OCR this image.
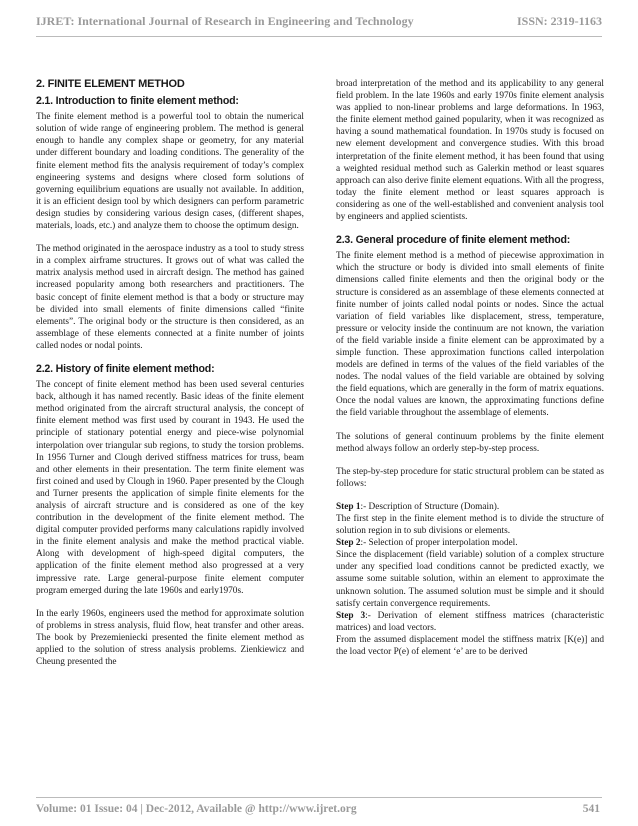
IJRET: International Journal of Research in Engineering and Technology	ISSN: 2319-1163
2. FINITE ELEMENT METHOD
2.1. Introduction to finite element method:

The finite element method is a powerful tool to obtain the numerical solution of wide range of engineering problem. The method is general enough to handle any complex shape or geometry, for any material under different boundary and loading conditions. The generality of the finite element method fits the analysis requirement of today’s complex engineering systems and designs where closed form solutions of governing equilibrium equations are usually not available. In addition, it is an efficient design tool by which designers can perform parametric design studies by considering various design cases, (different shapes, materials, loads, etc.) and analyze them to choose the optimum design.

The method originated in the aerospace industry as a tool to study stress in a complex airframe structures. It grows out of what was called the matrix analysis method used in aircraft design. The method has gained increased popularity among both researchers and practitioners. The basic concept of finite element method is that a body or structure may be divided into small elements of finite dimensions called “finite elements”. The original body or the structure is then considered, as an assemblage of these elements connected at a finite number of joints called nodes or nodal points.

2.2. History of finite element method:

The concept of finite element method has been used several centuries back, although it has named recently. Basic ideas of the finite element method originated from the aircraft structural analysis, the concept of finite element method was first used by courant in 1943. He used the principle of stationary potential energy and piece-wise polynomial interpolation over triangular sub regions, to study the torsion problems. In 1956 Turner and Clough derived stiffness matrices for truss, beam and other elements in their presentation. The term finite element was first coined and used by Clough in 1960. Paper presented by the Clough and Turner presents the application of simple finite elements for the analysis of aircraft structure and is considered as one of the key contribution in the development of the finite element method. The digital computer provided performs many calculations rapidly involved in the finite element analysis and make the method practical viable. Along with development of high-speed digital computers, the application of the finite element method also progressed at a very impressive rate. Large general-purpose finite element computer program emerged during the late 1960s and early1970s.

In the early 1960s, engineers used the method for approximate solution of problems in stress analysis, fluid flow, heat transfer and other areas. The book by Prezemieniecki presented the finite element method as applied to the solution of stress analysis problems. Zienkiewicz and Cheung presented the

broad interpretation of the method and its applicability to any general field problem. In the late 1960s and early 1970s finite element analysis was applied to non-linear problems and large deformations. In 1963, the finite element method gained popularity, when it was recognized as having a sound mathematical foundation. In 1970s study is focused on new element development and convergence studies. With this broad interpretation of the finite element method, it has been found that using a weighted residual method such as Galerkin method or least squares approach can also derive finite element equations. With all the progress, today the finite element method or least squares approach is considering as one of the well-established and convenient analysis tool by engineers and applied scientists.

2.3. General procedure of finite element method:

The finite element method is a method of piecewise approximation in which the structure or body is divided into small elements of finite dimensions called finite elements and then the original body or the structure is considered as an assemblage of these elements connected at finite number of joints called nodal points or nodes. Since the actual variation of field variables like displacement, stress, temperature, pressure or velocity inside the continuum are not known, the variation of the field variable inside a finite element can be approximated by a simple function. These approximation functions called interpolation models are defined in terms of the values of the field variables of the nodes. The nodal values of the field variable are obtained by solving the field equations, which are generally in the form of matrix equations. Once the nodal values are known, the approximating functions define the field variable throughout the assemblage of elements.

The solutions of general continuum problems by the finite element method always follow an orderly step-by-step process.

The step-by-step procedure for static structural problem can be stated as follows:

Step 1:- Description of Structure (Domain).

The first step in the finite element method is to divide the structure of solution region in to sub divisions or elements.

Step 2:- Selection of proper interpolation model.

Since the displacement (field variable) solution of a complex structure under any specified load conditions cannot be predicted exactly, we assume some suitable solution, within an element to approximate the unknown solution. The assumed solution must be simple and it should satisfy certain convergence requirements.

Step 3:- Derivation of element stiffness matrices (characteristic matrices) and load vectors.

From the assumed displacement model the stiffness matrix [K(e)] and the load vector P(e) of element ‘e’ are to be derived

Volume: 01 Issue: 04 | Dec-2012, Available @ http://www.ijret.org	541
